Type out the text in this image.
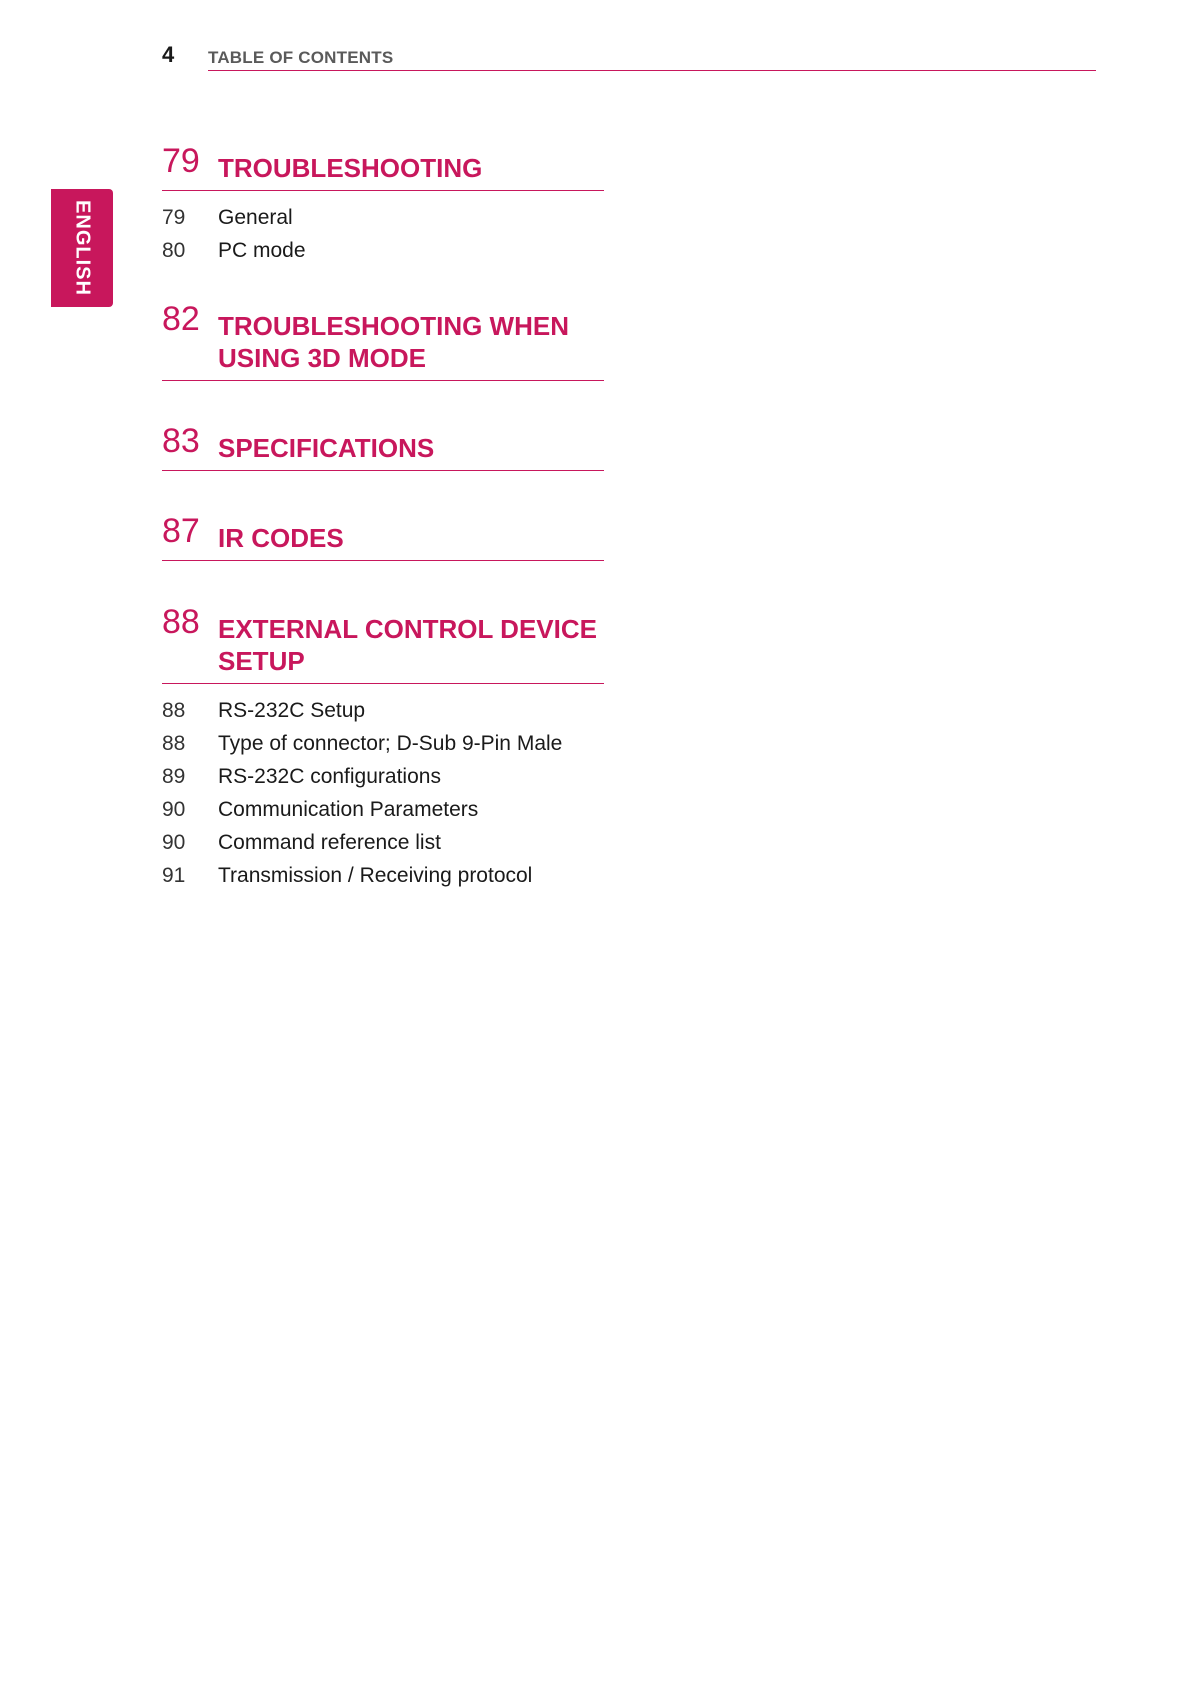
4 TABLE OF CONTENTS
ENGLISH
79 TROUBLESHOOTING
79 General
80 PC mode
82 TROUBLESHOOTING WHEN
USING 3D MODE
83 SPECIFICATIONS
87 IR CODES
88 EXTERNAL CONTROL DEVICE
SETUP
88 RS-232C Setup
88 Type of connector; D-Sub 9-Pin Male
89 RS-232C configurations
90 Communication Parameters
90 Command reference list
91 Transmission / Receiving protocol
